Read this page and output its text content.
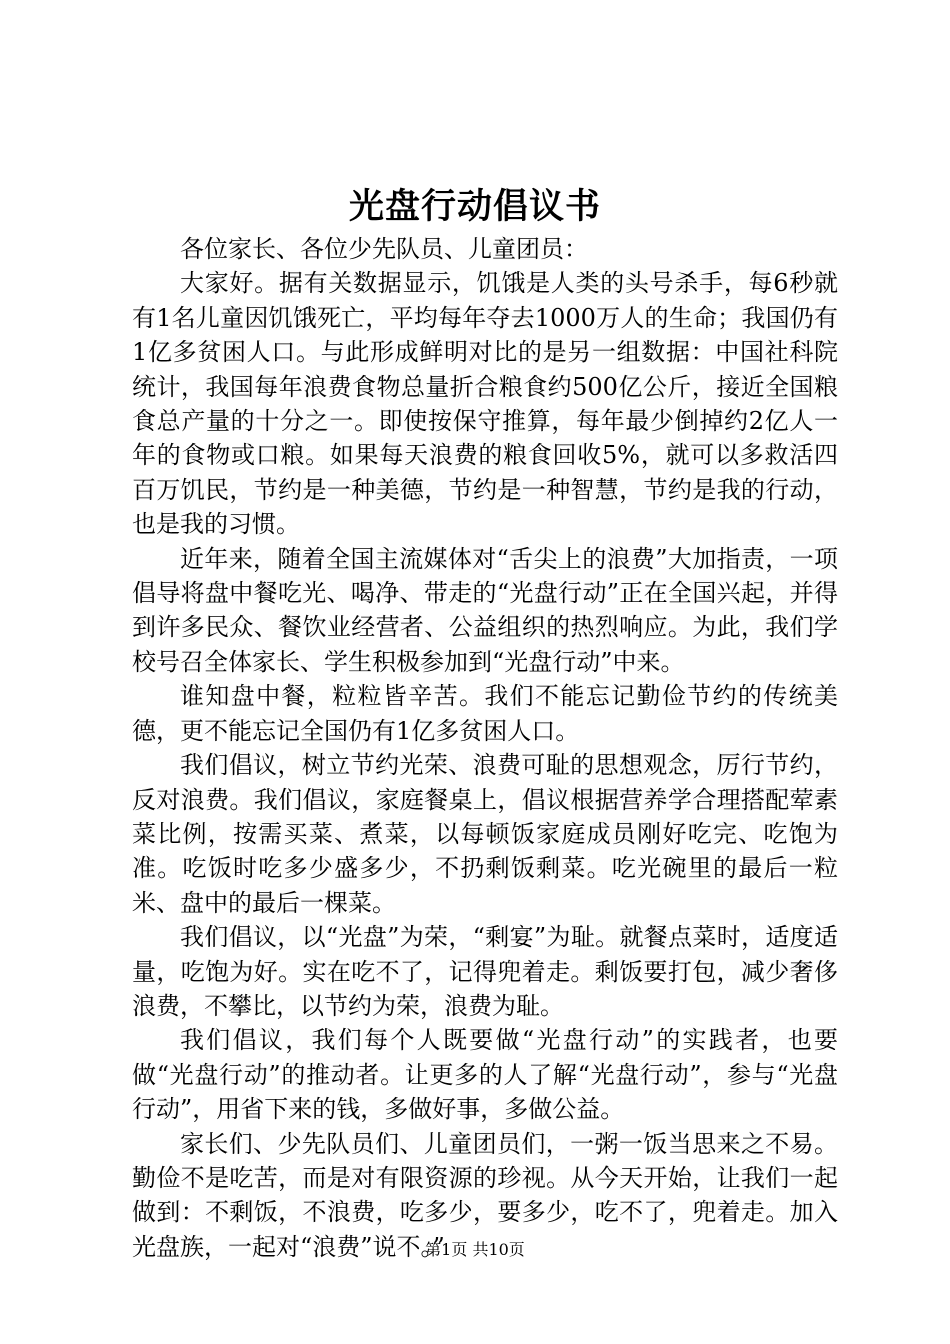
光盘行动倡议书

各位家长、各位少先队员、儿童团员：

大家好。据有关数据显示，饥饿是人类的头号杀手，每6秒就有1名儿童因饥饿死亡，平均每年夺去1000万人的生命；我国仍有1亿多贫困人口。与此形成鲜明对比的是另一组数据：中国社科院统计，我国每年浪费食物总量折合粮食约500亿公斤，接近全国粮食总产量的十分之一。即使按保守推算，每年最少倒掉约2亿人一年的食物或口粮。如果每天浪费的粮食回收5%，就可以多救活四百万饥民，节约是一种美德，节约是一种智慧，节约是我的行动，也是我的习惯。

近年来，随着全国主流媒体对“舌尖上的浪费”大加指责，一项倡导将盘中餐吃光、喝净、带走的“光盘行动”正在全国兴起，并得到许多民众、餐饮业经营者、公益组织的热烈响应。为此，我们学校号召全体家长、学生积极参加到“光盘行动”中来。

谁知盘中餐，粒粒皆辛苦。我们不能忘记勤俭节约的传统美德，更不能忘记全国仍有1亿多贫困人口。

我们倡议，树立节约光荣、浪费可耻的思想观念，厉行节约，反对浪费。我们倡议，家庭餐桌上，倡议根据营养学合理搭配荤素菜比例，按需买菜、煮菜，以每顿饭家庭成员刚好吃完、吃饱为准。吃饭时吃多少盛多少，不扔剩饭剩菜。吃光碗里的最后一粒米、盘中的最后一棵菜。

我们倡议，以“光盘”为荣，“剩宴”为耻。就餐点菜时，适度适量，吃饱为好。实在吃不了，记得兜着走。剩饭要打包，减少奢侈浪费，不攀比，以节约为荣，浪费为耻。

我们倡议，我们每个人既要做“光盘行动”的实践者，也要做“光盘行动”的推动者。让更多的人了解“光盘行动”，参与“光盘行动”，用省下来的钱，多做好事，多做公益。

家长们、少先队员们、儿童团员们，一粥一饭当思来之不易。勤俭不是吃苦，而是对有限资源的珍视。从今天开始，让我们一起做到：不剩饭，不浪费，吃多少，要多少，吃不了，兜着走。加入光盘族，一起对“浪费”说不。”

第1页 共10页
